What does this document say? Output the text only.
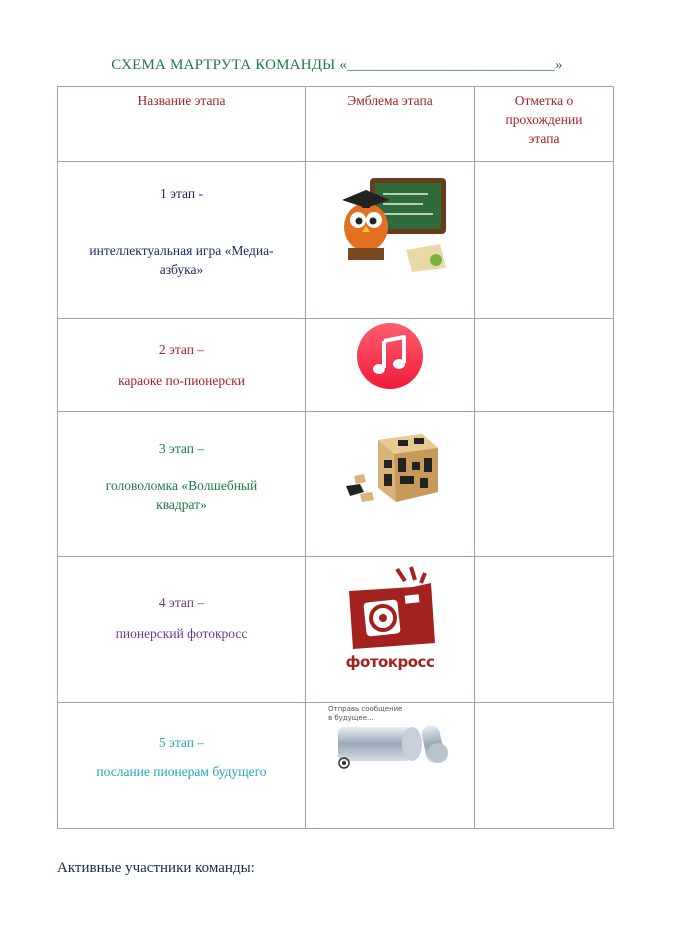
СХЕМА МАРТРУТА КОМАНДЫ «___________________________»
Название этапа	Эмблема этапа	Отметка о прохождении этапа

1 этап -
интеллектуальная игра «Медиа-азбука»

2 этап –
караоке по-пионерски

3 этап –
головоломка «Волшебный квадрат»

4 этап –
пионерский фотокросс	фотокросс	

5 этап –
послание пионерам будущего	Отправь сообщение в будущее...	

Активные участники команды:
